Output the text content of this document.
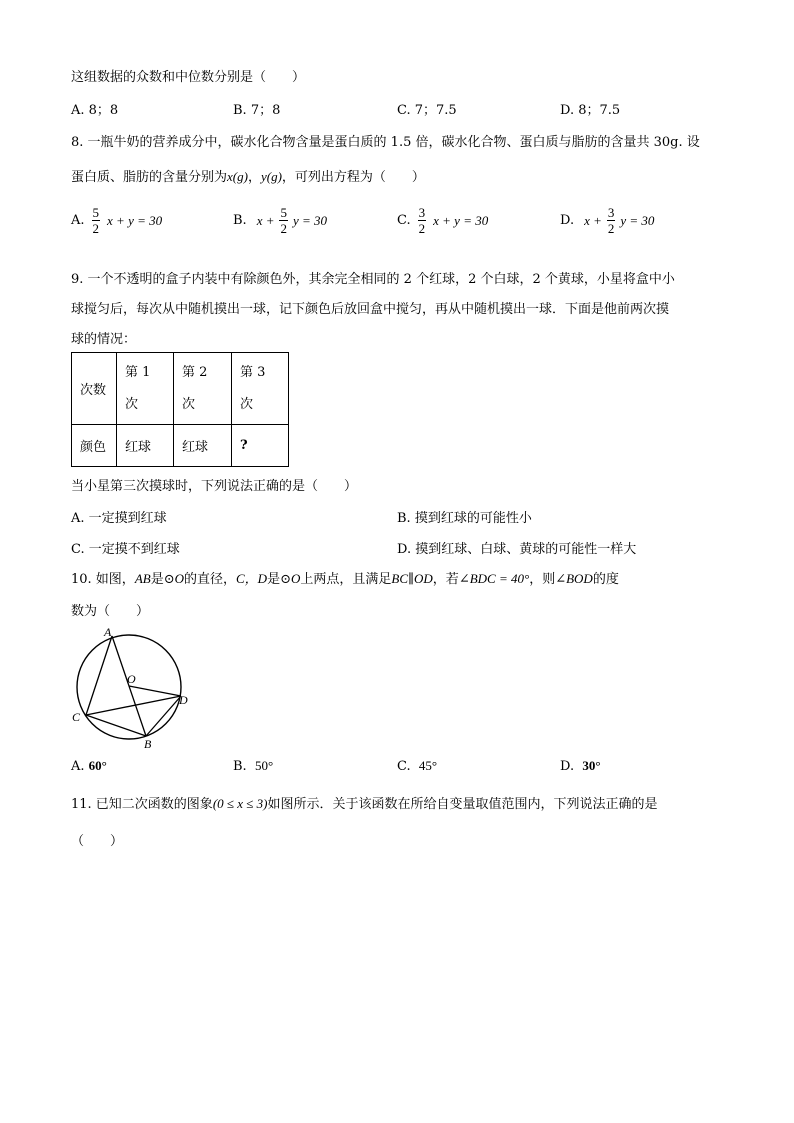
这组数据的众数和中位数分别是（　　）
A. 8；8	B. 7；8	C. 7；7.5	D. 8；7.5
8. 一瓶牛奶的营养成分中，碳水化合物含量是蛋白质的 1.5 倍，碳水化合物、蛋白质与脂肪的含量共 30g. 设
蛋白质、脂肪的含量分别为x(g)，y(g)，可列出方程为（　　）
A. $\frac{5}{2}$ x + y = 30	B. $x + \frac{5}{2}$ y = 30	C. $\frac{3}{2}$ x + y = 30	D. $x + \frac{3}{2}$ y = 30
9. 一个不透明的盒子内装中有除颜色外，其余完全相同的 2 个红球，2 个白球，2 个黄球，小星将盒中小
球搅匀后，每次从中随机摸出一球，记下颜色后放回盒中搅匀，再从中随机摸出一球．下面是他前两次摸
球的情况：
次数	第 1 次	第 2 次	第 3 次
颜色	红球	红球	?
当小星第三次摸球时，下列说法正确的是（　　）
A. 一定摸到红球	B. 摸到红球的可能性小
C. 一定摸不到红球	D. 摸到红球、白球、黄球的可能性一样大
10. 如图，AB是⊙O的直径，C，D是⊙O上两点，且满足BC∥OD，若∠BDC = 40°，则∠BOD的度
数为（　　）
A
O
D
C
B
A. 60°	B. 50°	C. 45°	D. 30°
11. 已知二次函数的图象(0 ≤ x ≤ 3)如图所示．关于该函数在所给自变量取值范围内，下列说法正确的是
（　　）
